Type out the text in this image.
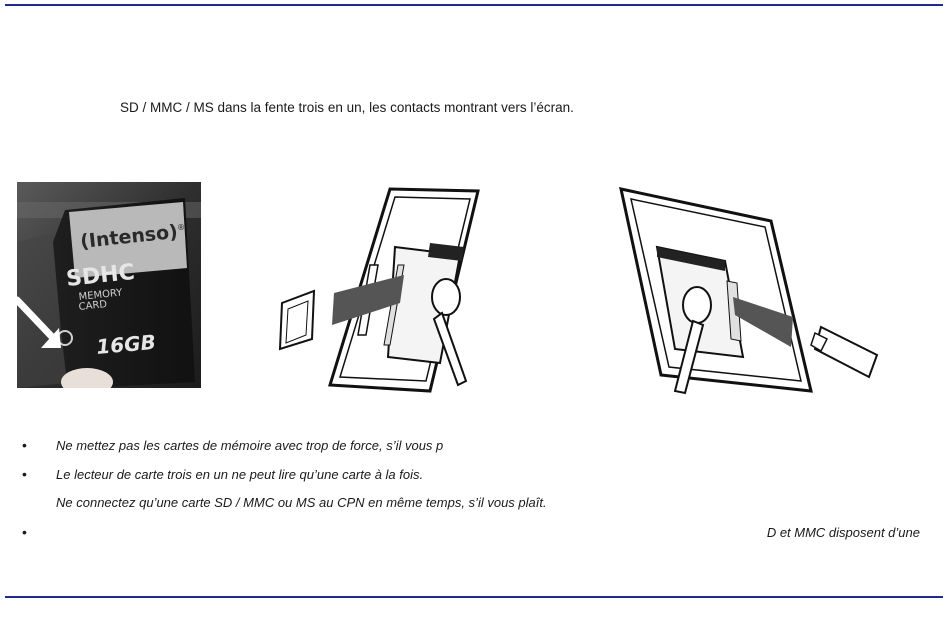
SD / MMC / MS dans la fente trois en un, les contacts montrant vers l’écran.
(Intenso)
®
SDHC
MEMORY
CARD
16GB
• Ne mettez pas les cartes de mémoire avec trop de force, s’il vous p
• Le lecteur de carte trois en un ne peut lire qu’une carte à la fois.
Ne connectez qu’une carte SD / MMC ou MS au CPN en même temps, s’il vous plaît.
•	D et MMC disposent d’une
